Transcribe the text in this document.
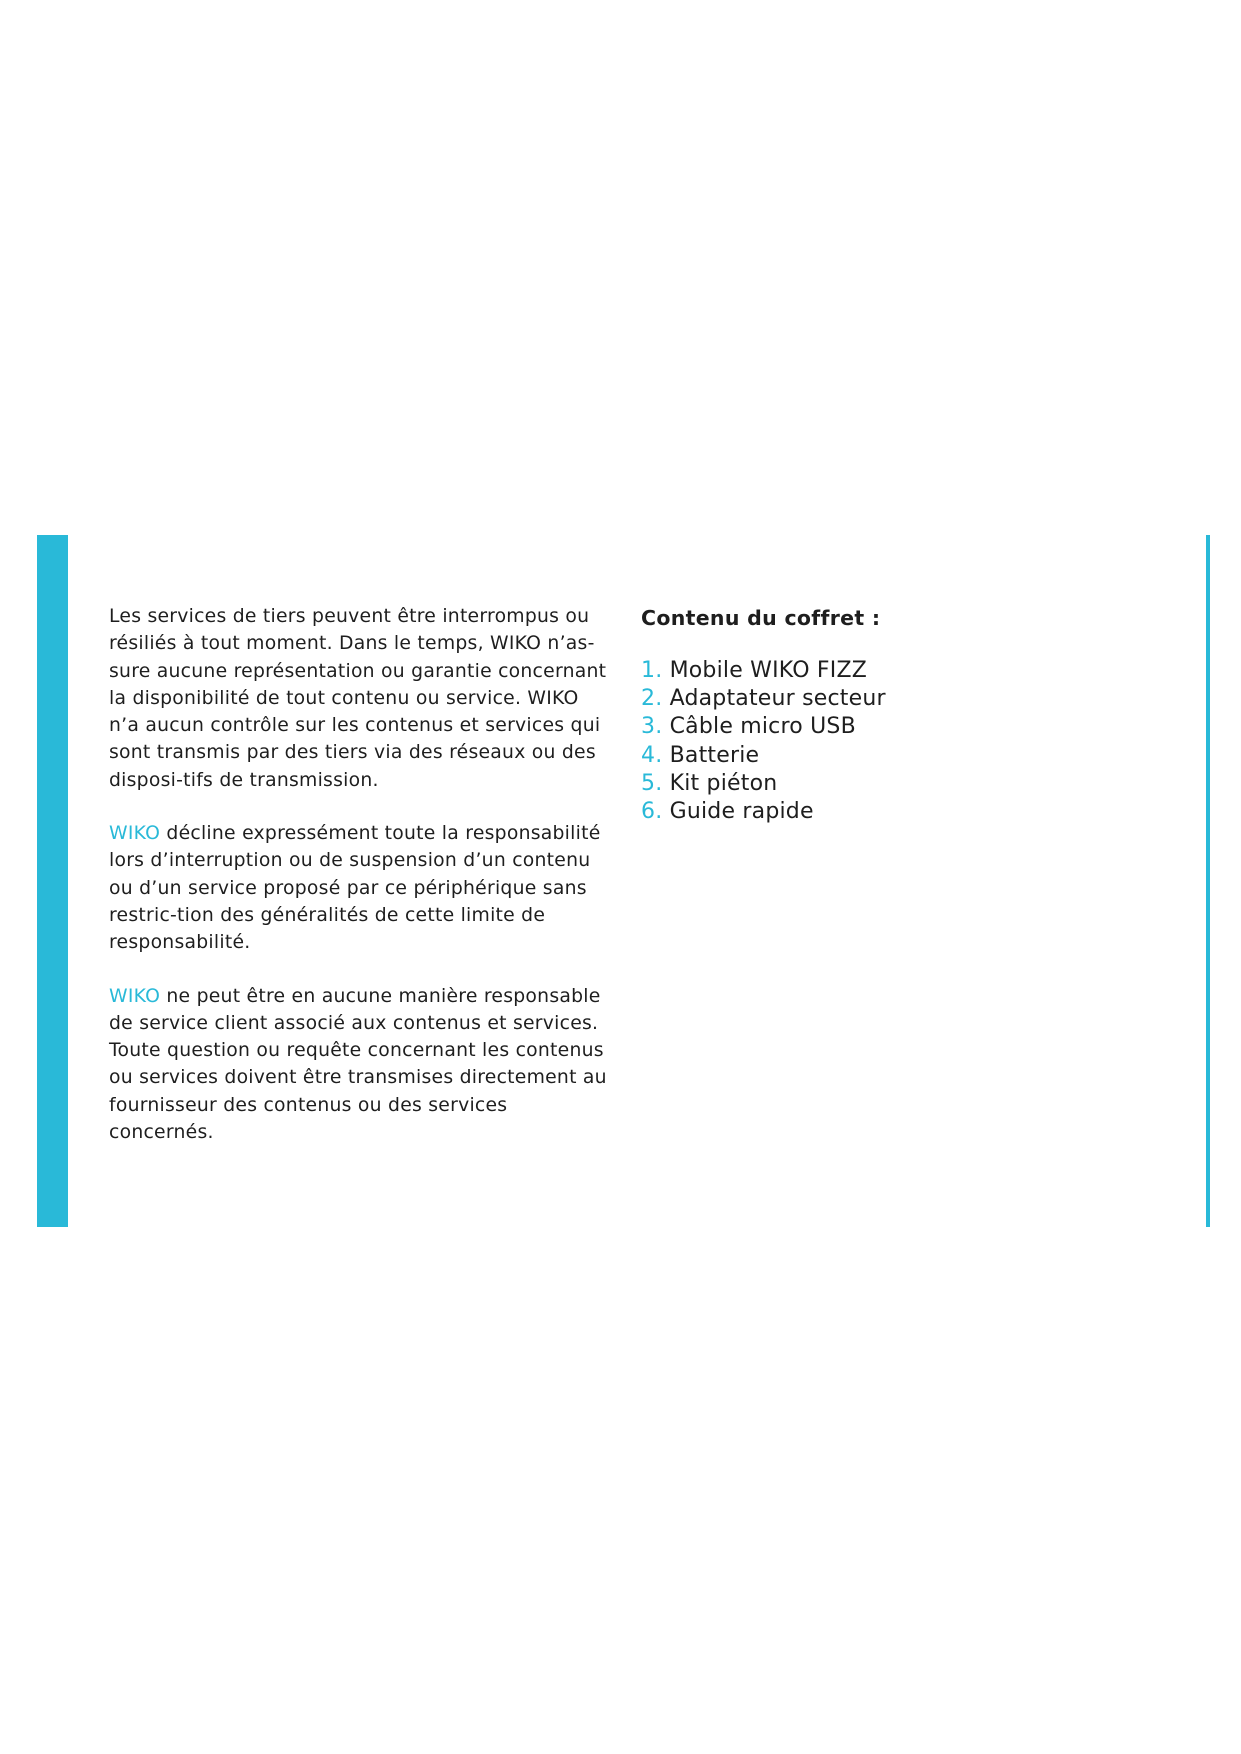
Les services de tiers peuvent être interrompus ou résiliés à tout moment. Dans le temps, WIKO n’as-sure aucune représentation ou garantie concernant la disponibilité de tout contenu ou service. WIKO n’a aucun contrôle sur les contenus et services qui sont transmis par des tiers via des réseaux ou des disposi-tifs de transmission.

WIKO décline expressément toute la responsabilité lors d’interruption ou de suspension d’un contenu ou d’un service proposé par ce périphérique sans restric-tion des généralités de cette limite de responsabilité.

WIKO ne peut être en aucune manière responsable de service client associé aux contenus et services. Toute question ou requête concernant les contenus ou services doivent être transmises directement au fournisseur des contenus ou des services concernés.

Contenu du coffret :
1. Mobile WIKO FIZZ
2. Adaptateur secteur
3. Câble micro USB
4. Batterie
5. Kit piéton
6. Guide rapide
